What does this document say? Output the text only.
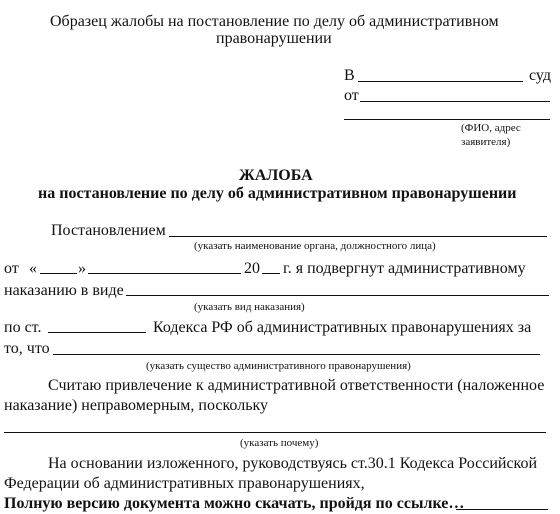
Образец жалобы на постановление по делу об административном
правонарушении
В	суд
от
(ФИО, адрес
заявителя)
ЖАЛОБА
на постановление по делу об административном правонарушении
Постановлением
(указать наименование органа, должностного лица)
от «	»	20 г. я подвергнут административному
наказанию в виде
(указать вид наказания)
по ст.	Кодекса РФ об административных правонарушениях за
то, что
(указать существо административного правонарушения)
Считаю привлечение к административной ответственности (наложенное
наказание) неправомерным, поскольку
(указать почему)
На основании изложенного, руководствуясь ст.30.1 Кодекса Российской
Федерации об административных правонарушениях,
Полную версию документа можно скачать, пройдя по ссылке…
